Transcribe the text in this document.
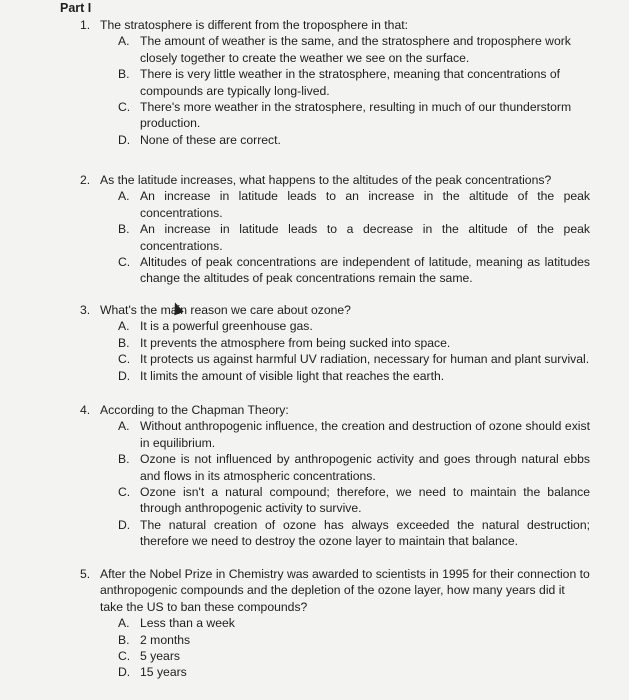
Part I
1. The stratosphere is different from the troposphere in that:
A. The amount of weather is the same, and the stratosphere and troposphere work closely together to create the weather we see on the surface.
B. There is very little weather in the stratosphere, meaning that concentrations of compounds are typically long-lived.
C. There's more weather in the stratosphere, resulting in much of our thunderstorm production.
D. None of these are correct.
2. As the latitude increases, what happens to the altitudes of the peak concentrations?
A. An increase in latitude leads to an increase in the altitude of the peak concentrations.
B. An increase in latitude leads to a decrease in the altitude of the peak concentrations.
C. Altitudes of peak concentrations are independent of latitude, meaning as latitudes change the altitudes of peak concentrations remain the same.
3. What's the main reason we care about ozone?
A. It is a powerful greenhouse gas.
B. It prevents the atmosphere from being sucked into space.
C. It protects us against harmful UV radiation, necessary for human and plant survival.
D. It limits the amount of visible light that reaches the earth.
4. According to the Chapman Theory:
A. Without anthropogenic influence, the creation and destruction of ozone should exist in equilibrium.
B. Ozone is not influenced by anthropogenic activity and goes through natural ebbs and flows in its atmospheric concentrations.
C. Ozone isn't a natural compound; therefore, we need to maintain the balance through anthropogenic activity to survive.
D. The natural creation of ozone has always exceeded the natural destruction; therefore we need to destroy the ozone layer to maintain that balance.
5. After the Nobel Prize in Chemistry was awarded to scientists in 1995 for their connection to anthropogenic compounds and the depletion of the ozone layer, how many years did it take the US to ban these compounds?
A. Less than a week
B. 2 months
C. 5 years
D. 15 years
